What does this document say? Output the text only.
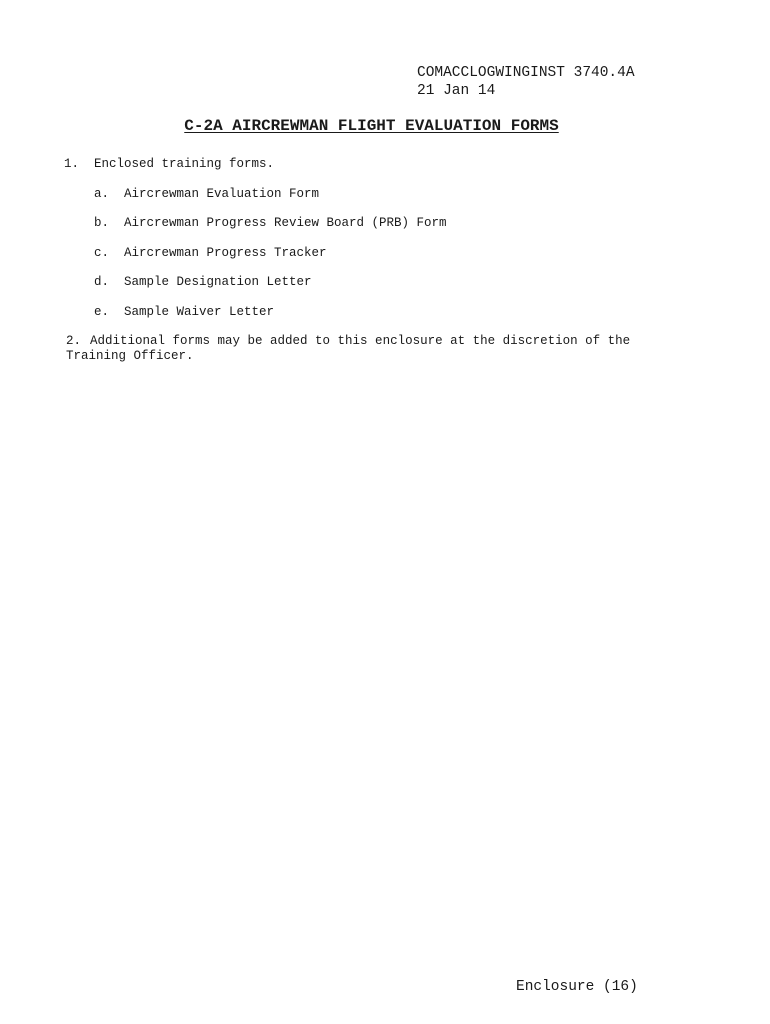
COMACCLOGWINGINST 3740.4A
21 Jan 14
C-2A AIRCREWMAN FLIGHT EVALUATION FORMS
1. Enclosed training forms.
a. Aircrewman Evaluation Form
b. Aircrewman Progress Review Board (PRB) Form
c. Aircrewman Progress Tracker
d. Sample Designation Letter
e. Sample Waiver Letter
2. Additional forms may be added to this enclosure at the discretion of the Training Officer.
Enclosure (16)
